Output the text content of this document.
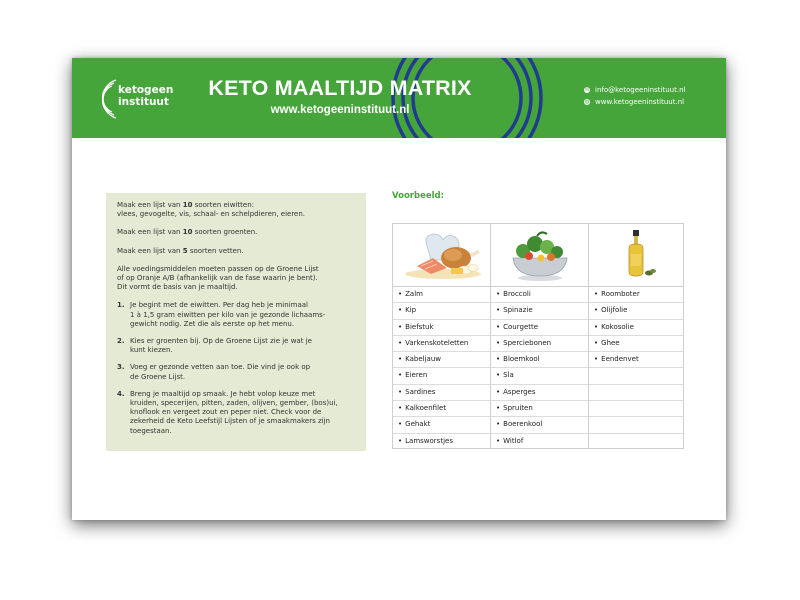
ketogeen
instituut
KETO MAALTIJD MATRIX
www.ketogeeninstituut.nl
✉ info@ketogeeninstituut.nl
◍ www.ketogeeninstituut.nl

Maak een lijst van 10 soorten eiwitten:
vlees, gevogelte, vis, schaal- en schelpdieren, eieren.

Maak een lijst van 10 soorten groenten.

Maak een lijst van 5 soorten vetten.

Alle voedingsmiddelen moeten passen op de Groene Lijst
of op Oranje A/B (afhankelijk van de fase waarin je bent).
Dit vormt de basis van je maaltijd.

1. Je begint met de eiwitten. Per dag heb je minimaal
1 à 1,5 gram eiwitten per kilo van je gezonde lichaams-
gewicht nodig. Zet die als eerste op het menu.
2. Kies er groenten bij. Op de Groene Lijst zie je wat je
kunt kiezen.
3. Voeg er gezonde vetten aan toe. Die vind je ook op
de Groene Lijst.
4. Breng je maaltijd op smaak. Je hebt volop keuze met
kruiden, specerijen, pitten, zaden, olijven, gember, (bos)ui,
knoflook en vergeet zout en peper niet. Check voor de
zekerheid de Keto Leefstijl Lijsten of je smaakmakers zijn
toegestaan.
Voorbeeld:
• Zalm
• Kip
• Biefstuk
• Varkenskoteletten
• Kabeljauw
• Eieren
• Sardines
• Kalkoenfilet
• Gehakt
• Lamsworstjes
• Broccoli
• Spinazie
• Courgette
• Sperciebonen
• Bloemkool
• Sla
• Asperges
• Spruiten
• Boerenkool
• Witlof
• Roomboter
• Olijfolie
• Kokosolie
• Ghee
• Eendenvet
